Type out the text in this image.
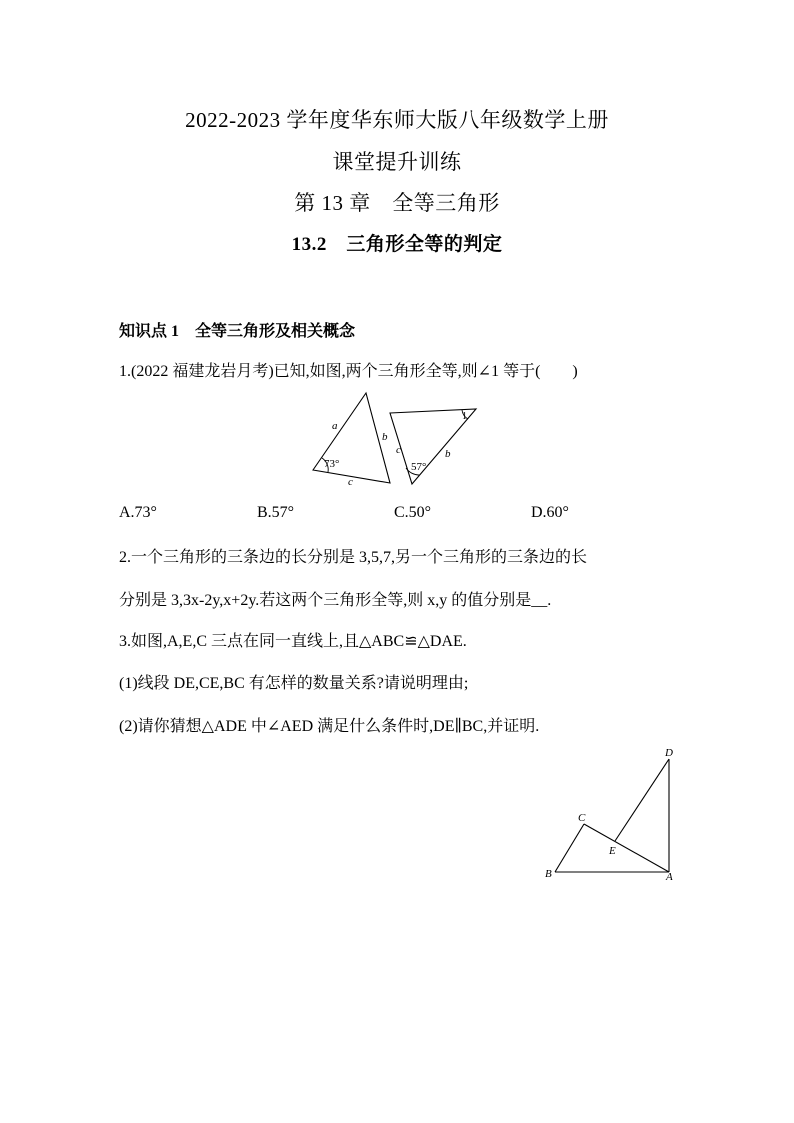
2022-2023 学年度华东师大版八年级数学上册
课堂提升训练
第 13 章　全等三角形
13.2　三角形全等的判定
知识点 1　全等三角形及相关概念
1.(2022 福建龙岩月考)已知,如图,两个三角形全等,则∠1 等于(　　)
a
b
c
73°
c	b
57°
1
A.73°	B.57°	C.50°	D.60°
2.一个三角形的三条边的长分别是 3,5,7,另一个三角形的三条边的长
分别是 3,3x-2y,x+2y.若这两个三角形全等,则 x,y 的值分别是__.
3.如图,A,E,C 三点在同一直线上,且△ABC≌△DAE.
(1)线段 DE,CE,BC 有怎样的数量关系?请说明理由;
(2)请你猜想△ADE 中∠AED 满足什么条件时,DE∥BC,并证明.
D
C
E
B	A
